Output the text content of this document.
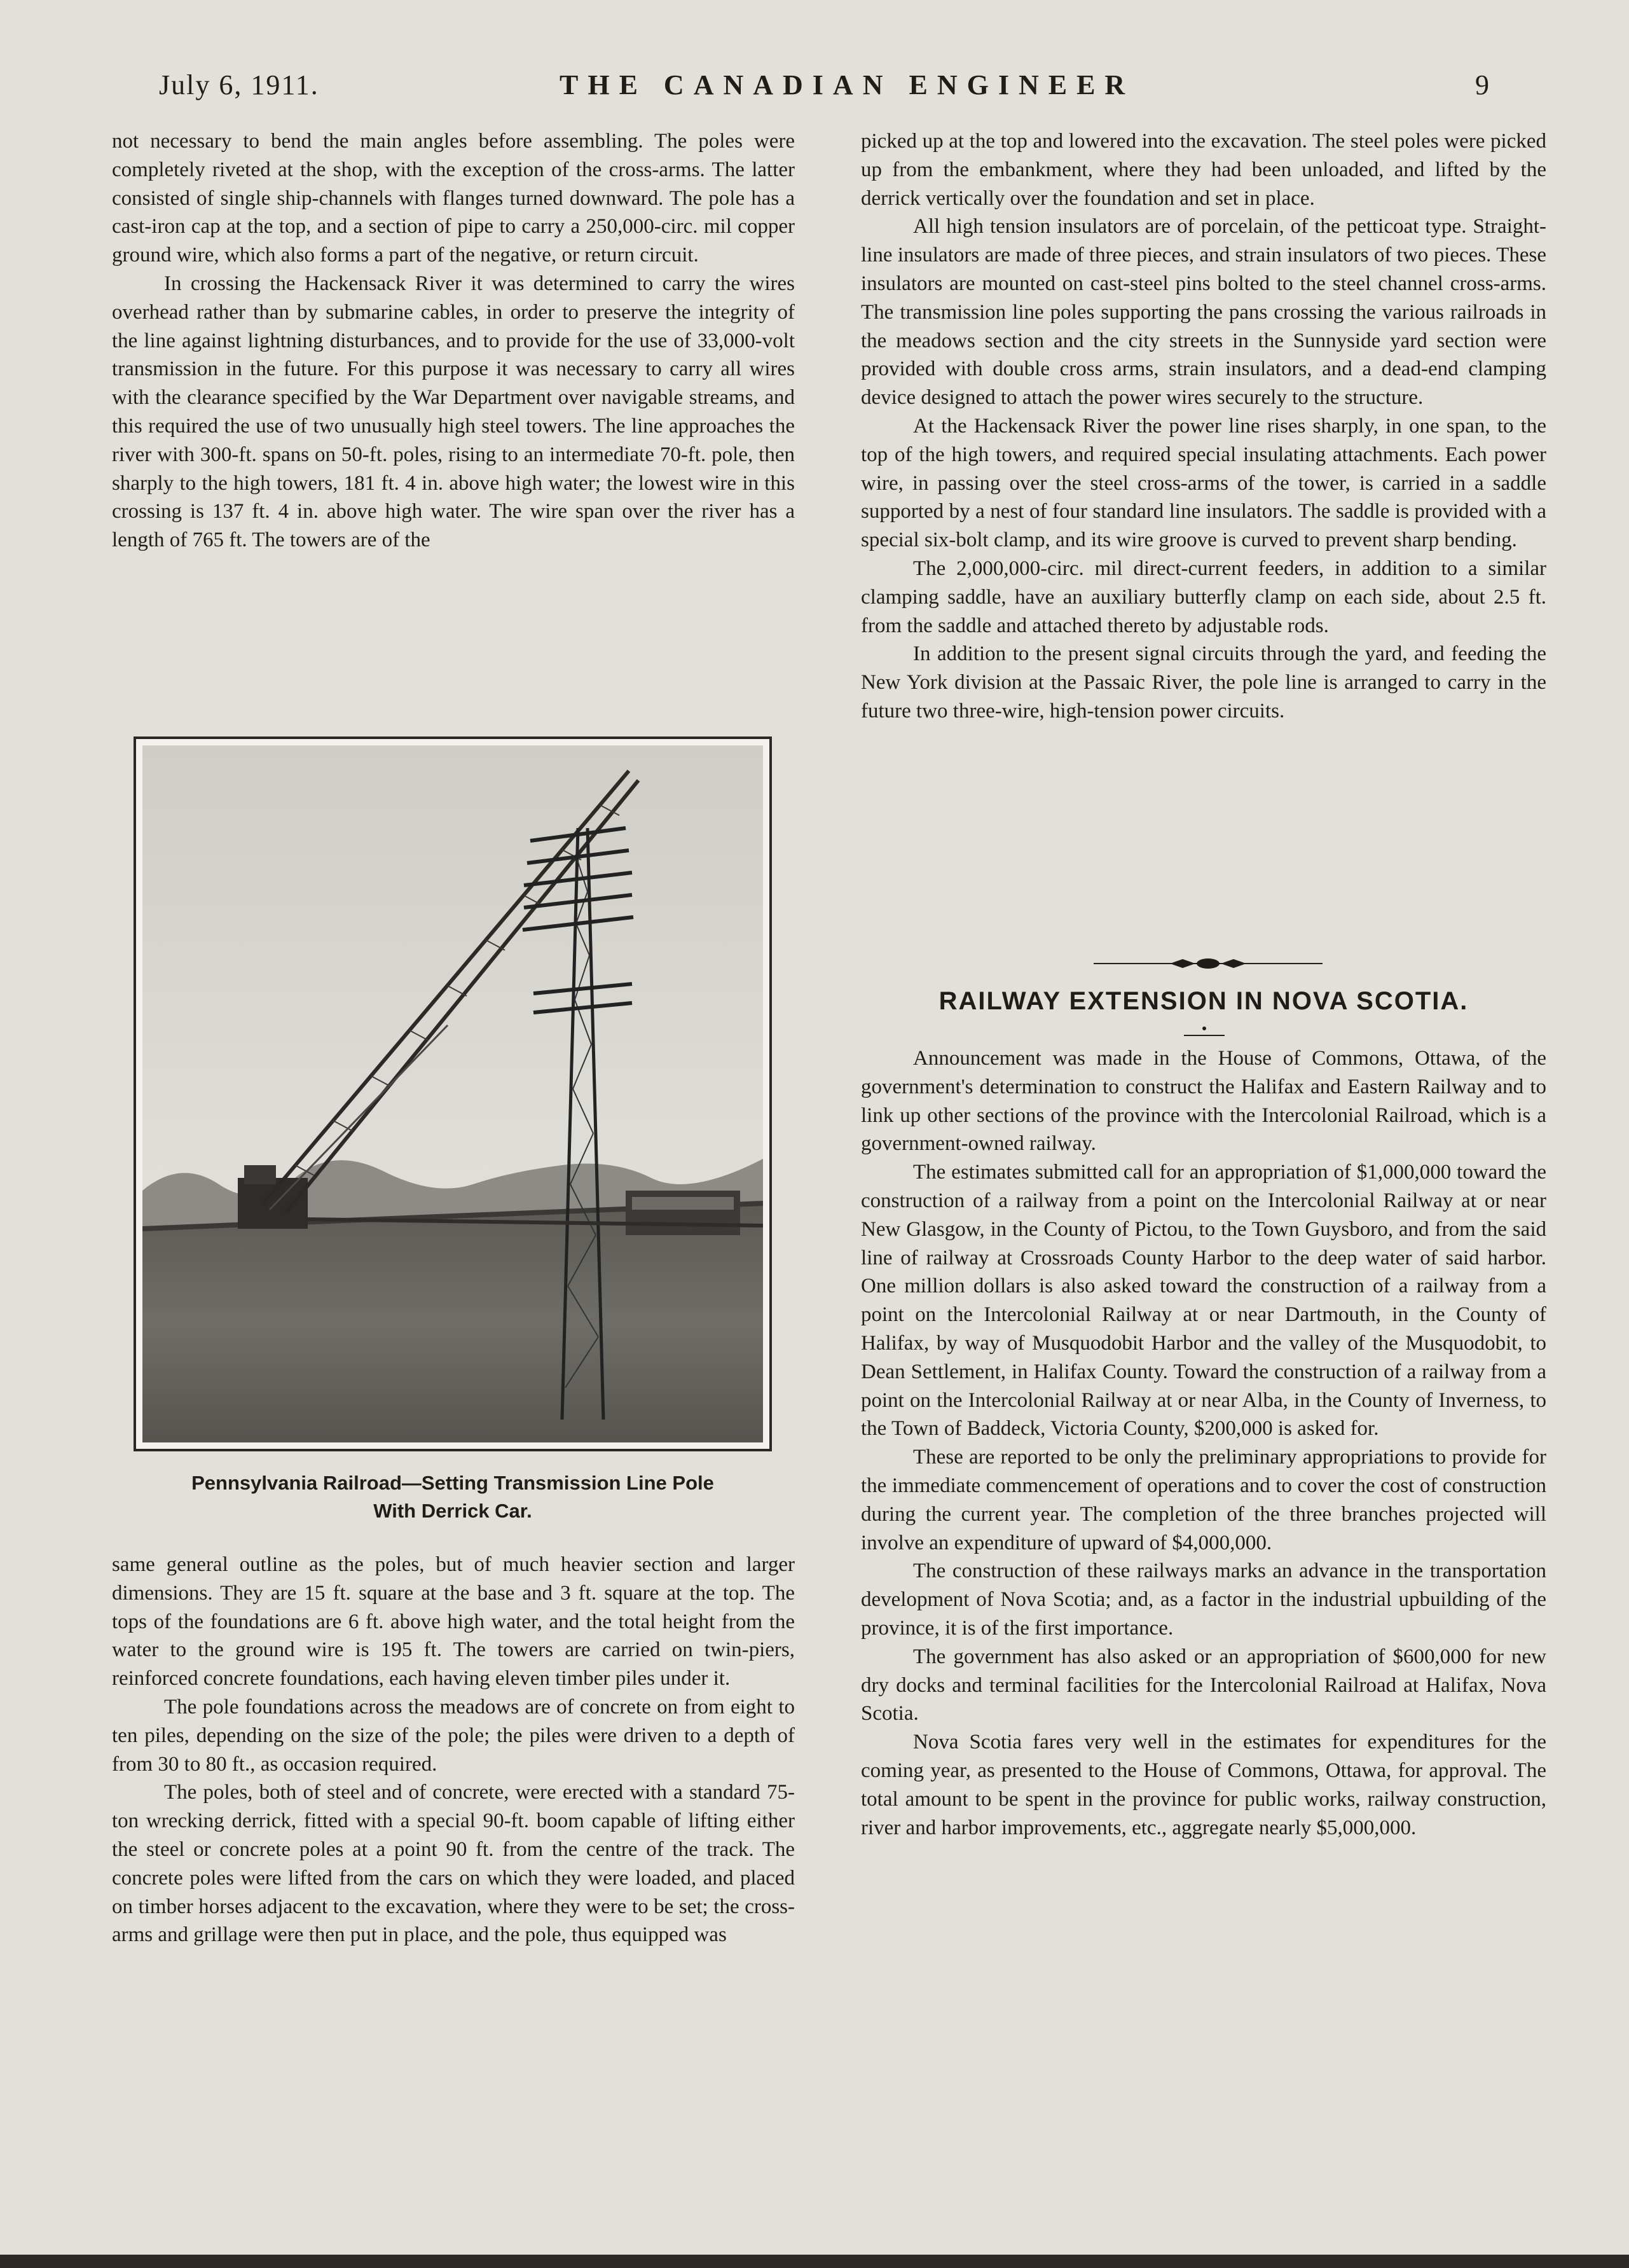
July 6, 1911.	THE CANADIAN ENGINEER	9

not necessary to bend the main angles before assembling. The poles were completely riveted at the shop, with the exception of the cross-arms. The latter consisted of single ship-channels with flanges turned downward. The pole has a cast-iron cap at the top, and a section of pipe to carry a 250,000-circ. mil copper ground wire, which also forms a part of the negative, or return circuit.

In crossing the Hackensack River it was determined to carry the wires overhead rather than by submarine cables, in order to preserve the integrity of the line against lightning disturbances, and to provide for the use of 33,000-volt transmission in the future. For this purpose it was necessary to carry all wires with the clearance specified by the War Department over navigable streams, and this required the use of two unusually high steel towers. The line approaches the river with 300-ft. spans on 50-ft. poles, rising to an intermediate 70-ft. pole, then sharply to the high towers, 181 ft. 4 in. above high water; the lowest wire in this crossing is 137 ft. 4 in. above high water. The wire span over the river has a length of 765 ft. The towers are of the

Pennsylvania Railroad—Setting Transmission Line Pole
With Derrick Car.

same general outline as the poles, but of much heavier section and larger dimensions. They are 15 ft. square at the base and 3 ft. square at the top. The tops of the foundations are 6 ft. above high water, and the total height from the water to the ground wire is 195 ft. The towers are carried on twin-piers, reinforced concrete foundations, each having eleven timber piles under it.

The pole foundations across the meadows are of concrete on from eight to ten piles, depending on the size of the pole; the piles were driven to a depth of from 30 to 80 ft., as occasion required.

The poles, both of steel and of concrete, were erected with a standard 75-ton wrecking derrick, fitted with a special 90-ft. boom capable of lifting either the steel or concrete poles at a point 90 ft. from the centre of the track. The concrete poles were lifted from the cars on which they were loaded, and placed on timber horses adjacent to the excavation, where they were to be set; the cross-arms and grillage were then put in place, and the pole, thus equipped was

picked up at the top and lowered into the excavation. The steel poles were picked up from the embankment, where they had been unloaded, and lifted by the derrick vertically over the foundation and set in place.

All high tension insulators are of porcelain, of the petticoat type. Straight-line insulators are made of three pieces, and strain insulators of two pieces. These insulators are mounted on cast-steel pins bolted to the steel channel cross-arms. The transmission line poles supporting the pans crossing the various railroads in the meadows section and the city streets in the Sunnyside yard section were provided with double cross arms, strain insulators, and a dead-end clamping device designed to attach the power wires securely to the structure.

At the Hackensack River the power line rises sharply, in one span, to the top of the high towers, and required special insulating attachments. Each power wire, in passing over the steel cross-arms of the tower, is carried in a saddle supported by a nest of four standard line insulators. The saddle is provided with a special six-bolt clamp, and its wire groove is curved to prevent sharp bending.

The 2,000,000-circ. mil direct-current feeders, in addition to a similar clamping saddle, have an auxiliary butterfly clamp on each side, about 2.5 ft. from the saddle and attached thereto by adjustable rods.

In addition to the present signal circuits through the yard, and feeding the New York division at the Passaic River, the pole line is arranged to carry in the future two three-wire, high-tension power circuits.

RAILWAY EXTENSION IN NOVA SCOTIA.

Announcement was made in the House of Commons, Ottawa, of the government's determination to construct the Halifax and Eastern Railway and to link up other sections of the province with the Intercolonial Railroad, which is a government-owned railway.

The estimates submitted call for an appropriation of $1,000,000 toward the construction of a railway from a point on the Intercolonial Railway at or near New Glasgow, in the County of Pictou, to the Town Guysboro, and from the said line of railway at Crossroads County Harbor to the deep water of said harbor. One million dollars is also asked toward the construction of a railway from a point on the Intercolonial Railway at or near Dartmouth, in the County of Halifax, by way of Musquodobit Harbor and the valley of the Musquodobit, to Dean Settlement, in Halifax County. Toward the construction of a railway from a point on the Intercolonial Railway at or near Alba, in the County of Inverness, to the Town of Baddeck, Victoria County, $200,000 is asked for.

These are reported to be only the preliminary appropriations to provide for the immediate commencement of operations and to cover the cost of construction during the current year. The completion of the three branches projected will involve an expenditure of upward of $4,000,000.

The construction of these railways marks an advance in the transportation development of Nova Scotia; and, as a factor in the industrial upbuilding of the province, it is of the first importance.

The government has also asked or an appropriation of $600,000 for new dry docks and terminal facilities for the Intercolonial Railroad at Halifax, Nova Scotia.

Nova Scotia fares very well in the estimates for expenditures for the coming year, as presented to the House of Commons, Ottawa, for approval. The total amount to be spent in the province for public works, railway construction, river and harbor improvements, etc., aggregate nearly $5,000,000.
